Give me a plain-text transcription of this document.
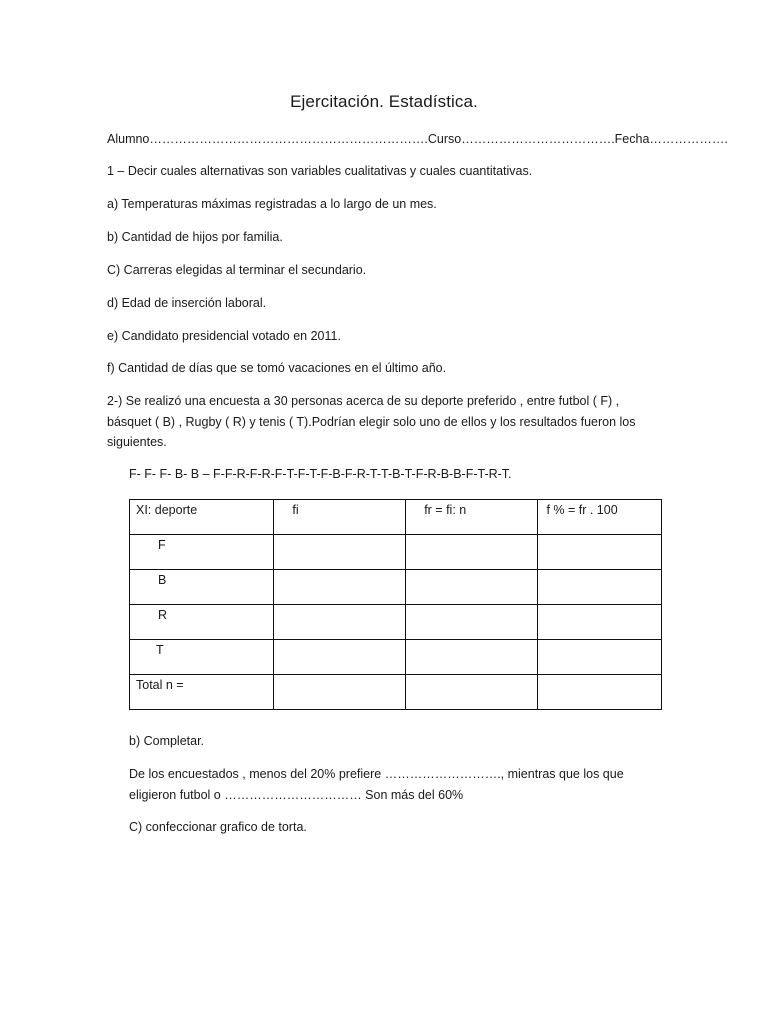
Ejercitación. Estadística.
Alumno………………………………………………………….Curso……………………………….Fecha……………….
1 – Decir cuales alternativas son variables cualitativas y cuales cuantitativas.
a) Temperaturas máximas registradas a lo largo de un mes.
b) Cantidad de hijos por familia.
C) Carreras elegidas al terminar el secundario.
d) Edad de inserción laboral.
e) Candidato presidencial votado en 2011.
f) Cantidad de días que se tomó vacaciones en el último año.
2-) Se realizó una encuesta a 30 personas acerca de su deporte preferido , entre futbol ( F) , básquet ( B) , Rugby ( R) y tenis ( T).Podrían elegir solo uno de ellos y los resultados fueron los siguientes.
F- F- F- B- B – F-F-R-F-R-F-T-F-T-F-B-F-R-T-T-B-T-F-R-B-B-F-T-R-T.
XI: deporte	fi	fr = fi: n	f % = fr . 100
F			
B			
R			
T			
Total n =			
b) Completar.
De los encuestados , menos del 20% prefiere ………………………., mientras que los que eligieron futbol o …………………………… Son más del 60%
C) confeccionar grafico de torta.
